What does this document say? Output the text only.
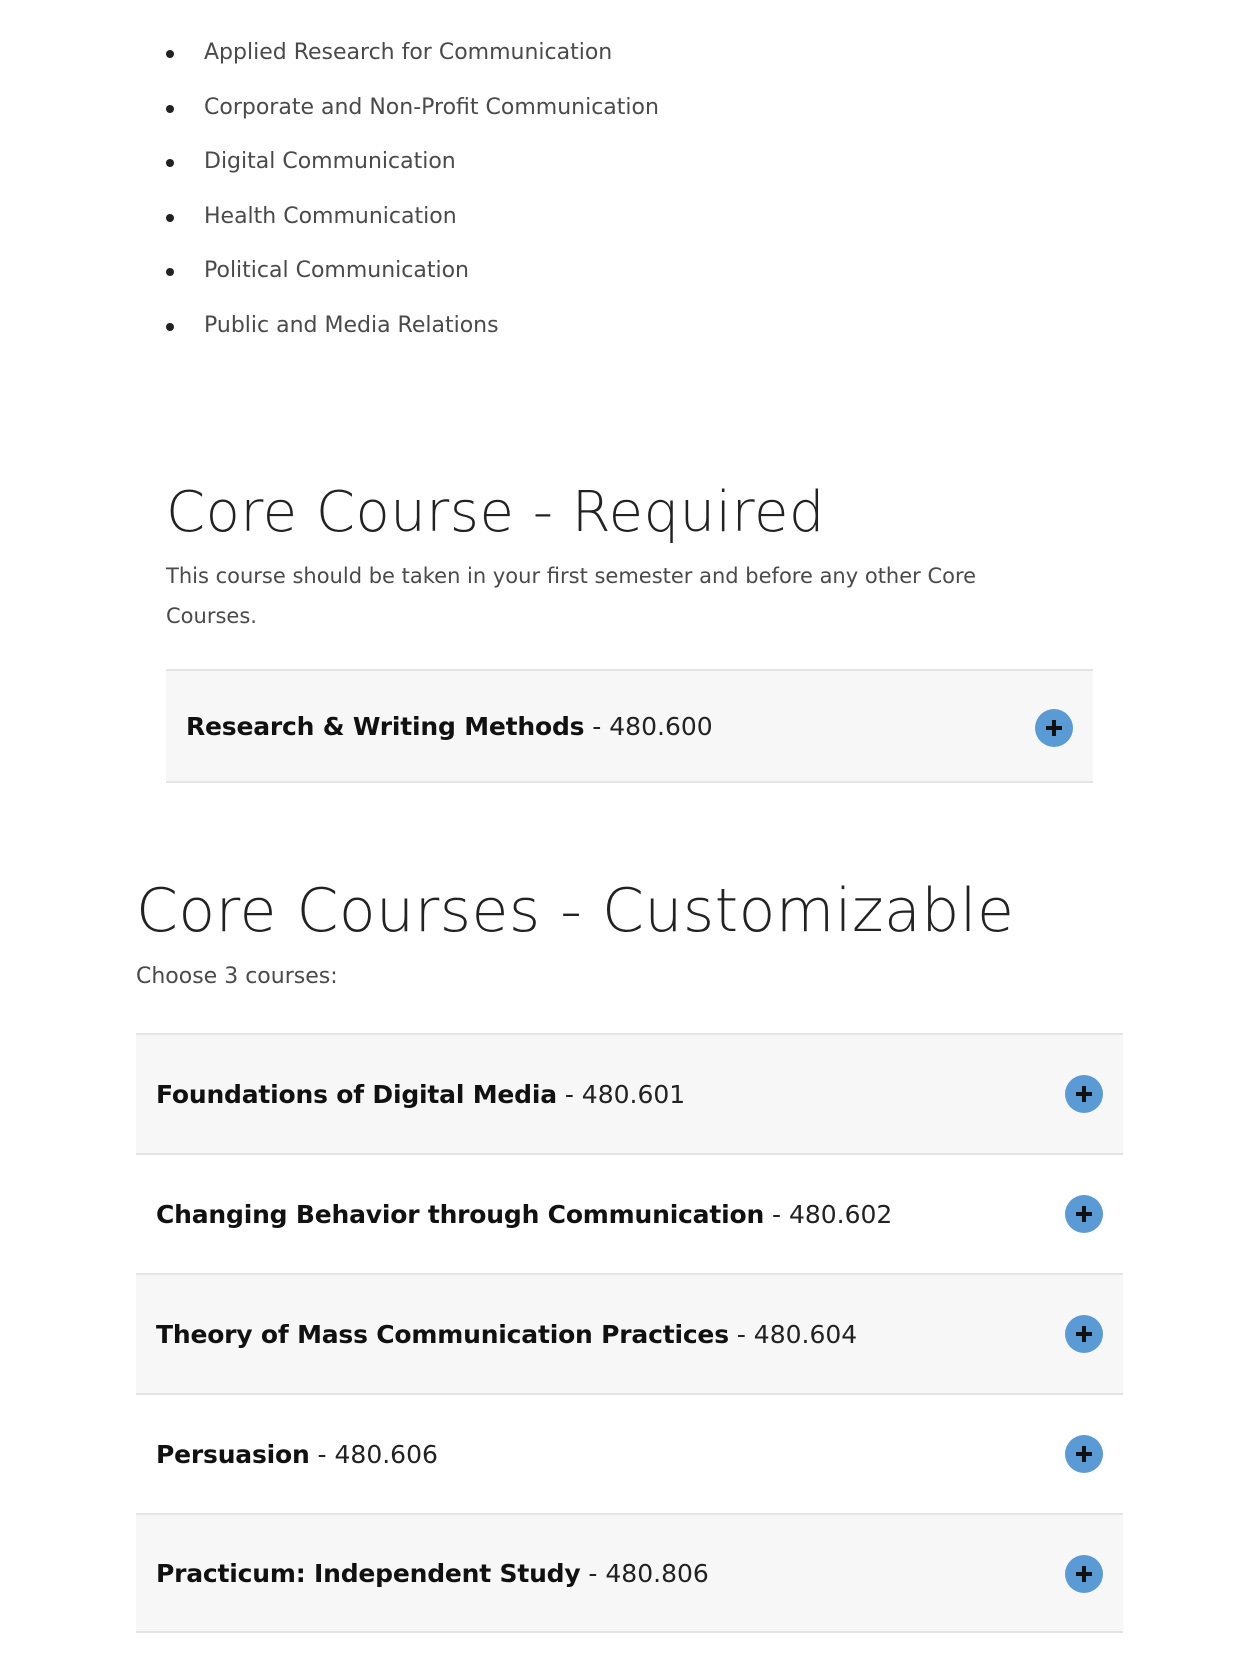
Applied Research for Communication
Corporate and Non-Profit Communication
Digital Communication
Health Communication
Political Communication
Public and Media Relations
Core Course - Required

This course should be taken in your first semester and before any other Core Courses.

Research & Writing Methods - 480.600
Core Courses - Customizable

Choose 3 courses:

Foundations of Digital Media - 480.601
Changing Behavior through Communication - 480.602
Theory of Mass Communication Practices - 480.604
Persuasion - 480.606
Practicum: Independent Study - 480.806
